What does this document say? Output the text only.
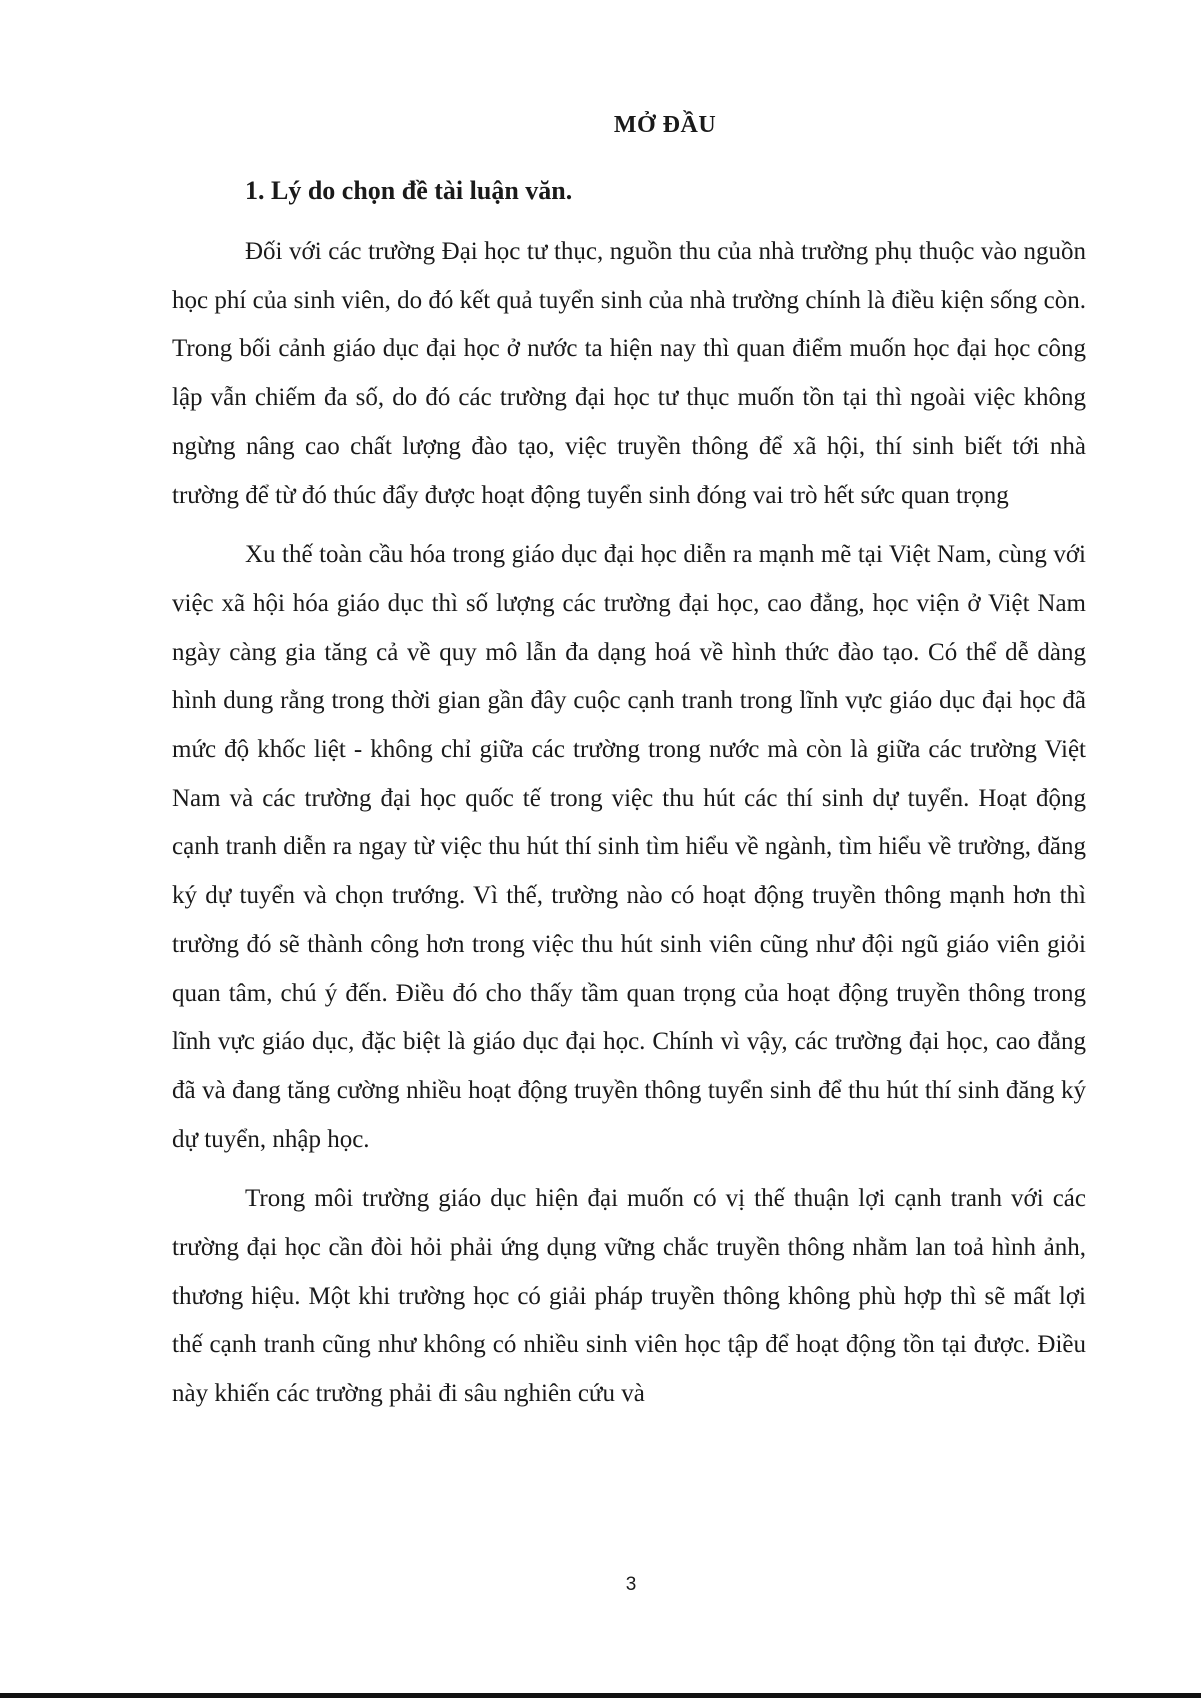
MỞ ĐẦU
1. Lý do chọn đề tài luận văn.

Đối với các trường Đại học tư thục, nguồn thu của nhà trường phụ thuộc vào nguồn học phí của sinh viên, do đó kết quả tuyển sinh của nhà trường chính là điều kiện sống còn. Trong bối cảnh giáo dục đại học ở nước ta hiện nay thì quan điểm muốn học đại học công lập vẫn chiếm đa số, do đó các trường đại học tư thục muốn tồn tại thì ngoài việc không ngừng nâng cao chất lượng đào tạo, việc truyền thông để xã hội, thí sinh biết tới nhà trường để từ đó thúc đẩy được hoạt động tuyển sinh đóng vai trò hết sức quan trọng

Xu thế toàn cầu hóa trong giáo dục đại học diễn ra mạnh mẽ tại Việt Nam, cùng với việc xã hội hóa giáo dục thì số lượng các trường đại học, cao đẳng, học viện ở Việt Nam ngày càng gia tăng cả về quy mô lẫn đa dạng hoá về hình thức đào tạo. Có thể dễ dàng hình dung rằng trong thời gian gần đây cuộc cạnh tranh trong lĩnh vực giáo dục đại học đã mức độ khốc liệt - không chỉ giữa các trường trong nước mà còn là giữa các trường Việt Nam và các trường đại học quốc tế trong việc thu hút các thí sinh dự tuyển. Hoạt động cạnh tranh diễn ra ngay từ việc thu hút thí sinh tìm hiểu về ngành, tìm hiểu về trường, đăng ký dự tuyển và chọn trướng. Vì thế, trường nào có hoạt động truyền thông mạnh hơn thì trường đó sẽ thành công hơn trong việc thu hút sinh viên cũng như đội ngũ giáo viên giỏi quan tâm, chú ý đến. Điều đó cho thấy tầm quan trọng của hoạt động truyền thông trong lĩnh vực giáo dục, đặc biệt là giáo dục đại học. Chính vì vậy, các trường đại học, cao đẳng đã và đang tăng cường nhiều hoạt động truyền thông tuyển sinh để thu hút thí sinh đăng ký dự tuyển, nhập học.

Trong môi trường giáo dục hiện đại muốn có vị thế thuận lợi cạnh tranh với các trường đại học cần đòi hỏi phải ứng dụng vững chắc truyền thông nhằm lan toả hình ảnh, thương hiệu. Một khi trường học có giải pháp truyền thông không phù hợp thì sẽ mất lợi thế cạnh tranh cũng như không có nhiều sinh viên học tập để hoạt động tồn tại được. Điều này khiến các trường phải đi sâu nghiên cứu và

3
